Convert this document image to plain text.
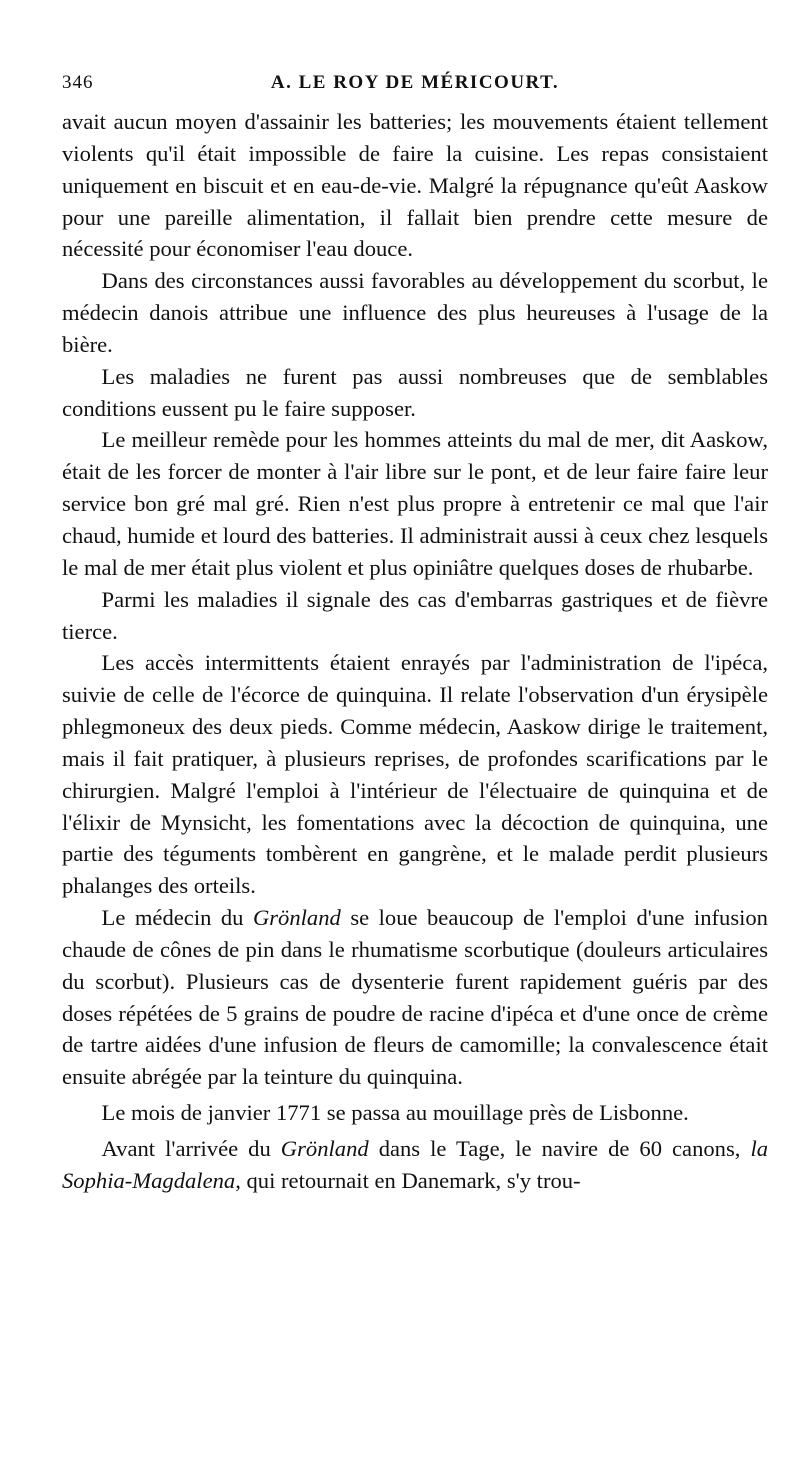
346	A. LE ROY DE MÉRICOURT.

avait aucun moyen d'assainir les batteries; les mouvements étaient tellement violents qu'il était impossible de faire la cuisine. Les repas consistaient uniquement en biscuit et en eau-de-vie. Malgré la répugnance qu'eût Aaskow pour une pareille alimentation, il fallait bien prendre cette mesure de nécessité pour économiser l'eau douce.

Dans des circonstances aussi favorables au développement du scorbut, le médecin danois attribue une influence des plus heureuses à l'usage de la bière.

Les maladies ne furent pas aussi nombreuses que de semblables conditions eussent pu le faire supposer.

Le meilleur remède pour les hommes atteints du mal de mer, dit Aaskow, était de les forcer de monter à l'air libre sur le pont, et de leur faire faire leur service bon gré mal gré. Rien n'est plus propre à entretenir ce mal que l'air chaud, humide et lourd des batteries. Il administrait aussi à ceux chez lesquels le mal de mer était plus violent et plus opiniâtre quelques doses de rhubarbe.

Parmi les maladies il signale des cas d'embarras gastriques et de fièvre tierce.

Les accès intermittents étaient enrayés par l'administration de l'ipéca, suivie de celle de l'écorce de quinquina. Il relate l'observation d'un érysipèle phlegmoneux des deux pieds. Comme médecin, Aaskow dirige le traitement, mais il fait pratiquer, à plusieurs reprises, de profondes scarifications par le chirurgien. Malgré l'emploi à l'intérieur de l'électuaire de quinquina et de l'élixir de Mynsicht, les fomentations avec la décoction de quinquina, une partie des téguments tombèrent en gangrène, et le malade perdit plusieurs phalanges des orteils.

Le médecin du Grönland se loue beaucoup de l'emploi d'une infusion chaude de cônes de pin dans le rhumatisme scorbutique (douleurs articulaires du scorbut). Plusieurs cas de dysenterie furent rapidement guéris par des doses répétées de 5 grains de poudre de racine d'ipéca et d'une once de crème de tartre aidées d'une infusion de fleurs de camomille; la convalescence était ensuite abrégée par la teinture du quinquina.

Le mois de janvier 1771 se passa au mouillage près de Lisbonne.

Avant l'arrivée du Grönland dans le Tage, le navire de 60 canons, la Sophia-Magdalena, qui retournait en Danemark, s'y trou-
